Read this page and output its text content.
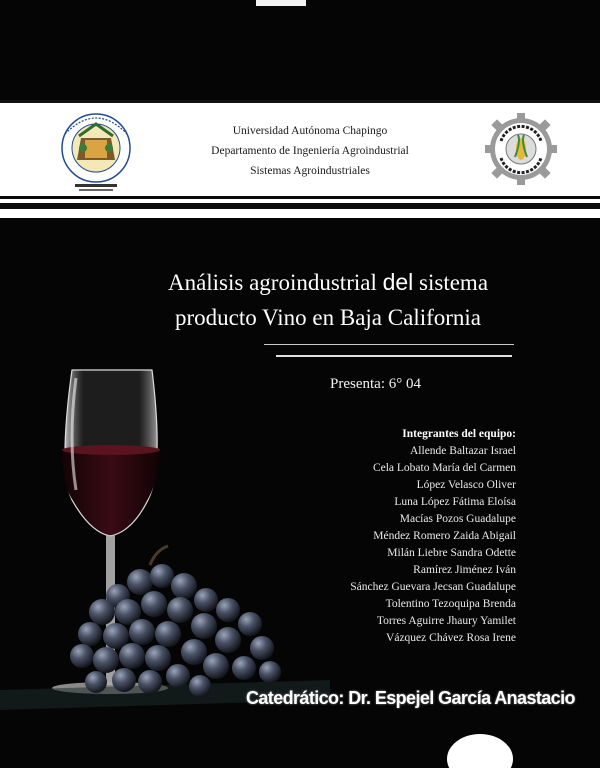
Universidad Autónoma Chapingo
Departamento de Ingeniería Agroindustrial
Sistemas Agroindustriales
Análisis agroindustrial del sistema
producto Vino en Baja California
Presenta: 6° 04
Integrantes del equipo:
Allende Baltazar Israel
Cela Lobato María del Carmen
López Velasco Oliver
Luna López Fátima Eloísa
Macías Pozos Guadalupe
Méndez Romero Zaida Abigail
Milán Liebre Sandra Odette
Ramírez Jiménez Iván
Sánchez Guevara Jecsan Guadalupe
Tolentino Tezoquipa Brenda
Torres Aguirre Jhaury Yamilet
Vázquez Chávez Rosa Irene
Catedrático: Dr. Espejel García Anastacio
